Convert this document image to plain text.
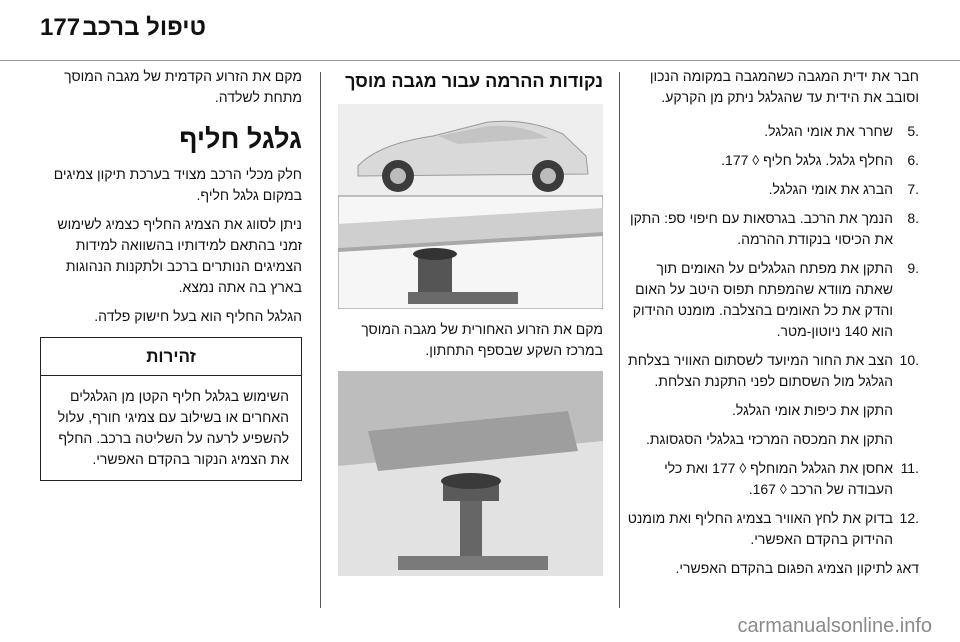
177 טיפול ברכב

חבר את ידית המגבה כשהמגבה במקומה הנכון וסובב את הידית עד שהגלגל ניתק מן הקרקע.

5.
שחרר את אומי הגלגל.
6.
החלף גלגל. גלגל חליף ◊ 177.
7.
הברג את אומי הגלגל.
8.
הנמך את הרכב. בגרסאות עם חיפוי ספ: התקן את הכיסוי בנקודת ההרמה.
9.
התקן את מפתח הגלגלים על האומים תוך שאתה מוודא שהמפתח תפוס היטב על האום והדק את כל האומים בהצלבה. מומנט ההידוק הוא 140 ניוטון-מטר.
10.
הצב את החור המיועד לשסתום האוויר בצלחת הגלגל מול השסתום לפני התקנת הצלחת.

התקן את כיפות אומי הגלגל.

התקן את המכסה המרכזי בגלגלי הסגסוגת.

11.
אחסן את הגלגל המוחלף ◊ 177 ואת כלי העבודה של הרכב ◊ 167.
12.
בדוק את לחץ האוויר בצמיג החליף ואת מומנט ההידוק בהקדם האפשרי.

דאג לתיקון הצמיג הפגום בהקדם האפשרי.

נקודות ההרמה עבור מגבה מוסך

מקם את הזרוע האחורית של מגבה המוסך במרכז השקע שבספף התחתון.

מקם את הזרוע הקדמית של מגבה המוסך מתחת לשלדה.

גלגל חליף

חלק מכלי הרכב מצויד בערכת תיקון צמיגים במקום גלגל חליף.

ניתן לסווג את הצמיג החליף כצמיג לשימוש זמני בהתאם למידותיו בהשוואה למידות הצמיגים הנותרים ברכב ולתקנות הנהוגות בארץ בה אתה נמצא.

הגלגל החליף הוא בעל חישוק פלדה.

זהירות
השימוש בגלגל חליף הקטן מן הגלגלים האחרים או בשילוב עם צמיגי חורף, עלול להשפיע לרעה על השליטה ברכב. החלף את הצמיג הנקור בהקדם האפשרי.
carmanualsonline.info
